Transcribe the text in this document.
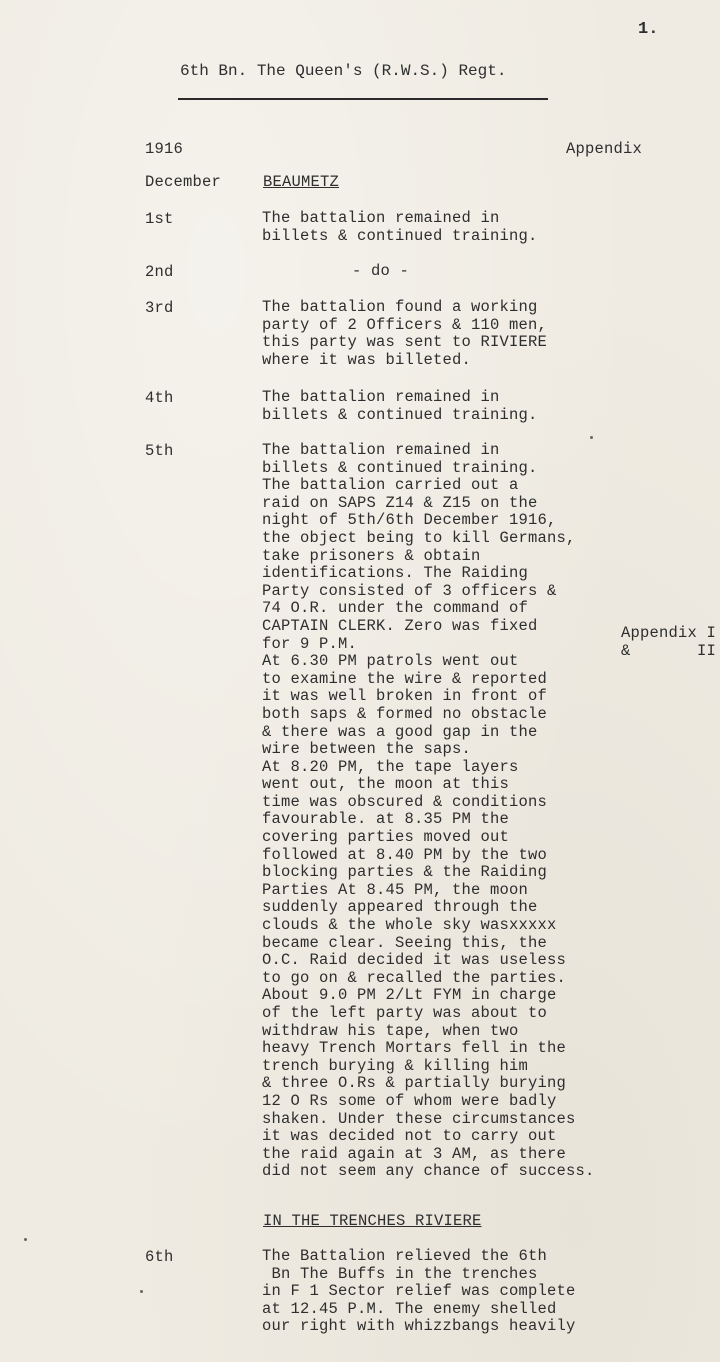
1.
6th Bn. The Queen's (R.W.S.) Regt.
1916	Appendix
December	BEAUMETZ
1st	The battalion remained in
billets & continued training.
2nd	- do -
3rd	The battalion found a working
party of 2 Officers & 110 men,
this party was sent to RIVIERE
where it was billeted.
4th	The battalion remained in
billets & continued training.
5th	The battalion remained in
billets & continued training.
The battalion carried out a
raid on SAPS Z14 & Z15 on the
night of 5th/6th December 1916,
the object being to kill Germans,
take prisoners & obtain
identifications. The Raiding
Party consisted of 3 officers &
74 O.R. under the command of
CAPTAIN CLERK. Zero was fixed
for 9 P.M.
At 6.30 PM patrols went out
to examine the wire & reported
it was well broken in front of
both saps & formed no obstacle
& there was a good gap in the
wire between the saps.
At 8.20 PM, the tape layers
went out, the moon at this
time was obscured & conditions
favourable. at 8.35 PM the
covering parties moved out
followed at 8.40 PM by the two
blocking parties & the Raiding
Parties At 8.45 PM, the moon
suddenly appeared through the
clouds & the whole sky wasxxxxx
became clear. Seeing this, the
O.C. Raid decided it was useless
to go on & recalled the parties.
About 9.0 PM 2/Lt FYM in charge
of the left party was about to
withdraw his tape, when two
heavy Trench Mortars fell in the
trench burying & killing him
& three O.Rs & partially burying
12 O Rs some of whom were badly
shaken. Under these circumstances
it was decided not to carry out
the raid again at 3 AM, as there
did not seem any chance of success.
Appendix I
&       II
IN THE TRENCHES RIVIERE
6th	The Battalion relieved the 6th
Bn The Buffs in the trenches
in F 1 Sector relief was complete
at 12.45 P.M. The enemy shelled
our right with whizzbangs heavily
